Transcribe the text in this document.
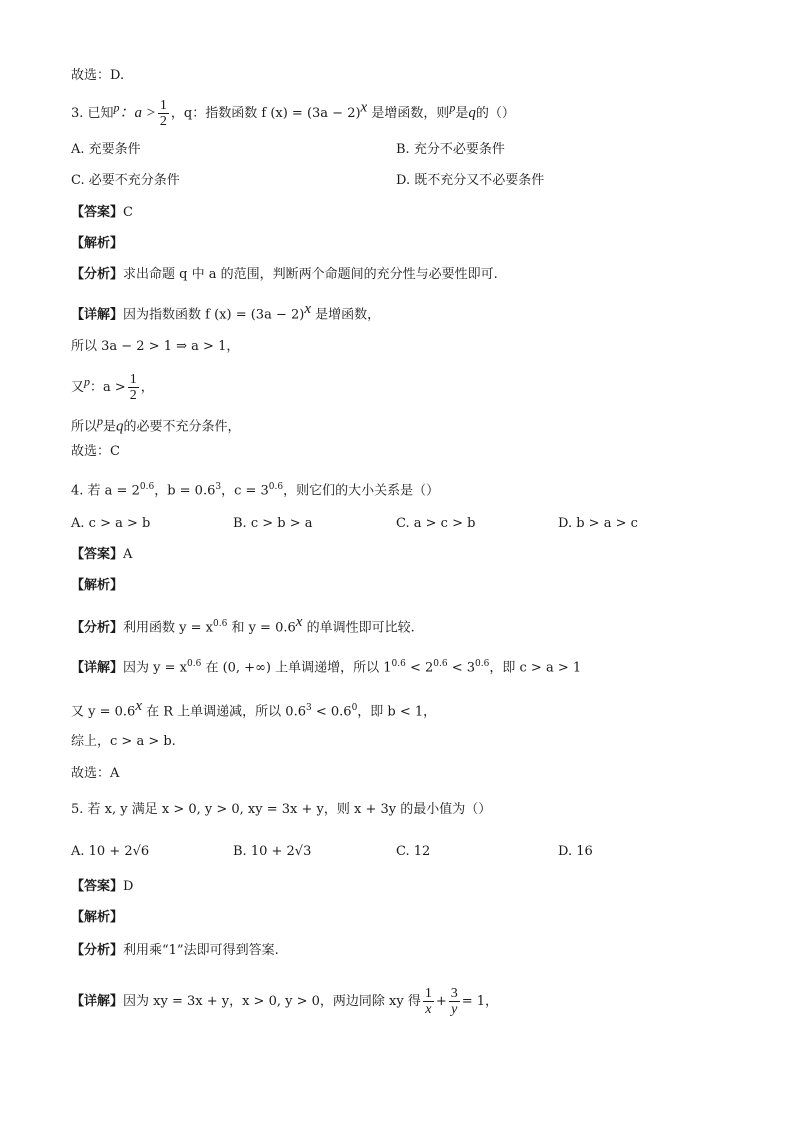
故选：D.
3. 已知p：$a > \frac{1}{2}$ ，q：指数函数 f $(x) = (3a - 2)^x$ 是增函数，则p是q的（）
A. 充要条件	B. 充分不必要条件
C. 必要不充分条件	D. 既不充分又不必要条件
【答案】C
【解析】
【分析】求出命题 q 中 a 的范围，判断两个命题间的充分性与必要性即可.
【详解】因为指数函数 f $(x) = (3a - 2)^x$ 是增函数，
所以 3a − 2 > 1 ⇒ a > 1，
又p：$a > \frac{1}{2}$ ，
所以p是q的必要不充分条件，
故选：C
4. 若 $a = 2^{0.6}$，$b = 0.6^3$，$c = 3^{0.6}$，则它们的大小关系是（）
A. c > a > b	B. c > b > a	C. a > c > b	D. b > a > c
【答案】A
【解析】
【分析】利用函数 $y = x^{0.6}$ 和 $y = 0.6^x$ 的单调性即可比较.
【详解】因为 $y = x^{0.6}$ 在 (0, +∞) 上单调递增，所以 $1^{0.6} < 2^{0.6} < 3^{0.6}$，即 c > a > 1
又 $y = 0.6^x$ 在 R 上单调递减，所以 $0.6^3 < 0.6^0$，即 b < 1，
综上，c > a > b.
故选：A
5. 若 x, y 满足 x > 0, y > 0, xy = 3x + y，则 x + 3y 的最小值为（）
A. 10 + 2√6	B. 10 + 2√3	C. 12	D. 16
【答案】D
【解析】
【分析】利用乘“1”法即可得到答案.
【详解】因为 xy = 3x + y，x > 0, y > 0，两边同除 xy 得 $\frac{1}{x} + \frac{3}{y} = 1$，
